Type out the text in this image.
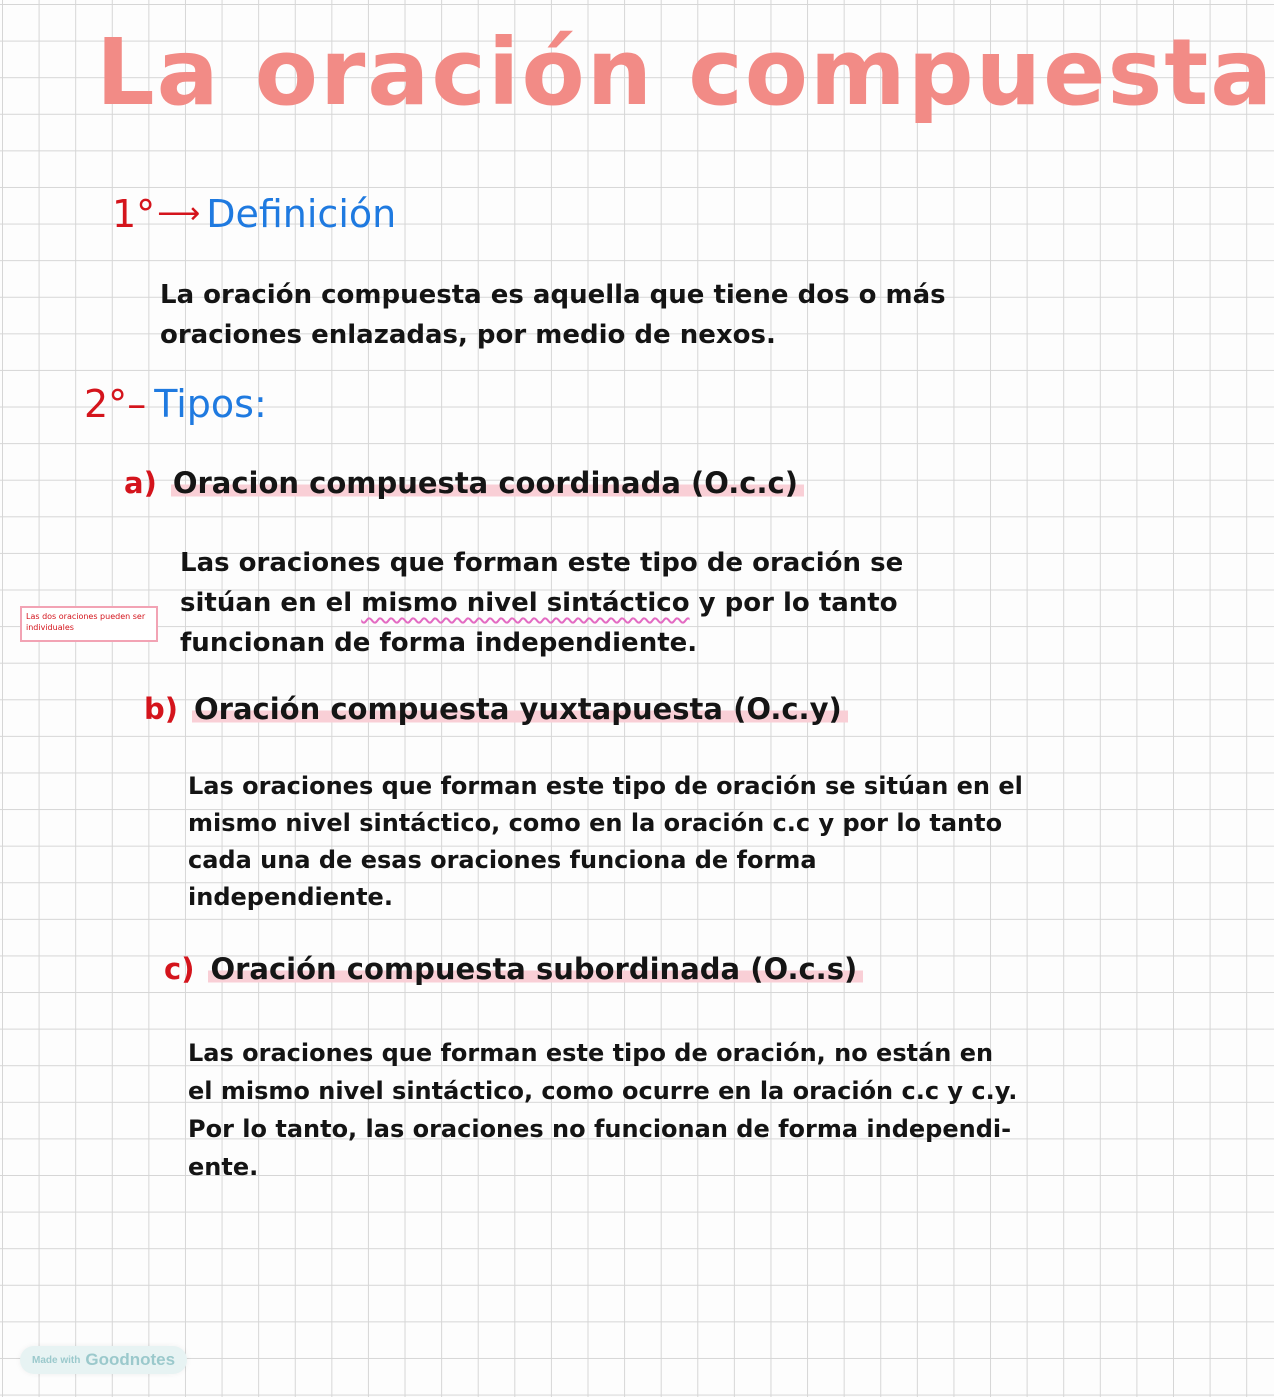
La oración compuesta
1°⟶ Definición

La oración compuesta es aquella que tiene dos o más

oraciones enlazadas, por medio de nexos.

2°– Tipos:
a) Oracion compuesta coordinada (O.c.c)

Las oraciones que forman este tipo de oración se

sitúan en el mismo nivel sintáctico y por lo tanto

funcionan de forma independiente.

Las dos oraciones pueden ser individuales
b) Oración compuesta yuxtapuesta (O.c.y)

Las oraciones que forman este tipo de oración se sitúan en el

mismo nivel sintáctico, como en la oración c.c y por lo tanto

cada una de esas oraciones funciona de forma

independiente.

c) Oración compuesta subordinada (O.c.s)

Las oraciones que forman este tipo de oración, no están en

el mismo nivel sintáctico, como ocurre en la oración c.c y c.y.

Por lo tanto, las oraciones no funcionan de forma independi-

ente.

Made with Goodnotes
